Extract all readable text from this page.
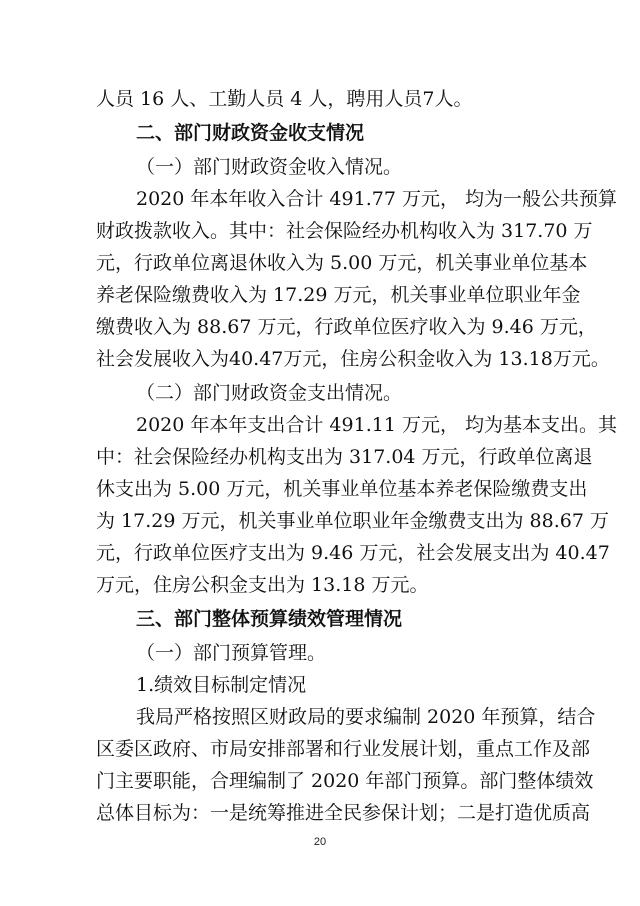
人员 16 人、工勤人员 4 人，聘用人员7人。
二、部门财政资金收支情况
（一）部门财政资金收入情况。
2020 年本年收入合计 491.77 万元， 均为一般公共预算
财政拨款收入。其中：社会保险经办机构收入为 317.70 万
元，行政单位离退休收入为 5.00 万元，机关事业单位基本
养老保险缴费收入为 17.29 万元，机关事业单位职业年金
缴费收入为 88.67 万元，行政单位医疗收入为 9.46 万元，
社会发展收入为40.47万元，住房公积金收入为 13.18万元。
（二）部门财政资金支出情况。
2020 年本年支出合计 491.11 万元， 均为基本支出。其
中：社会保险经办机构支出为 317.04 万元，行政单位离退
休支出为 5.00 万元，机关事业单位基本养老保险缴费支出
为 17.29 万元，机关事业单位职业年金缴费支出为 88.67 万
元，行政单位医疗支出为 9.46 万元，社会发展支出为 40.47
万元，住房公积金支出为 13.18 万元。
三、部门整体预算绩效管理情况
（一）部门预算管理。
1.绩效目标制定情况
我局严格按照区财政局的要求编制 2020 年预算，结合
区委区政府、市局安排部署和行业发展计划，重点工作及部
门主要职能，合理编制了 2020 年部门预算。部门整体绩效
总体目标为：一是统筹推进全民参保计划；二是打造优质高
20
